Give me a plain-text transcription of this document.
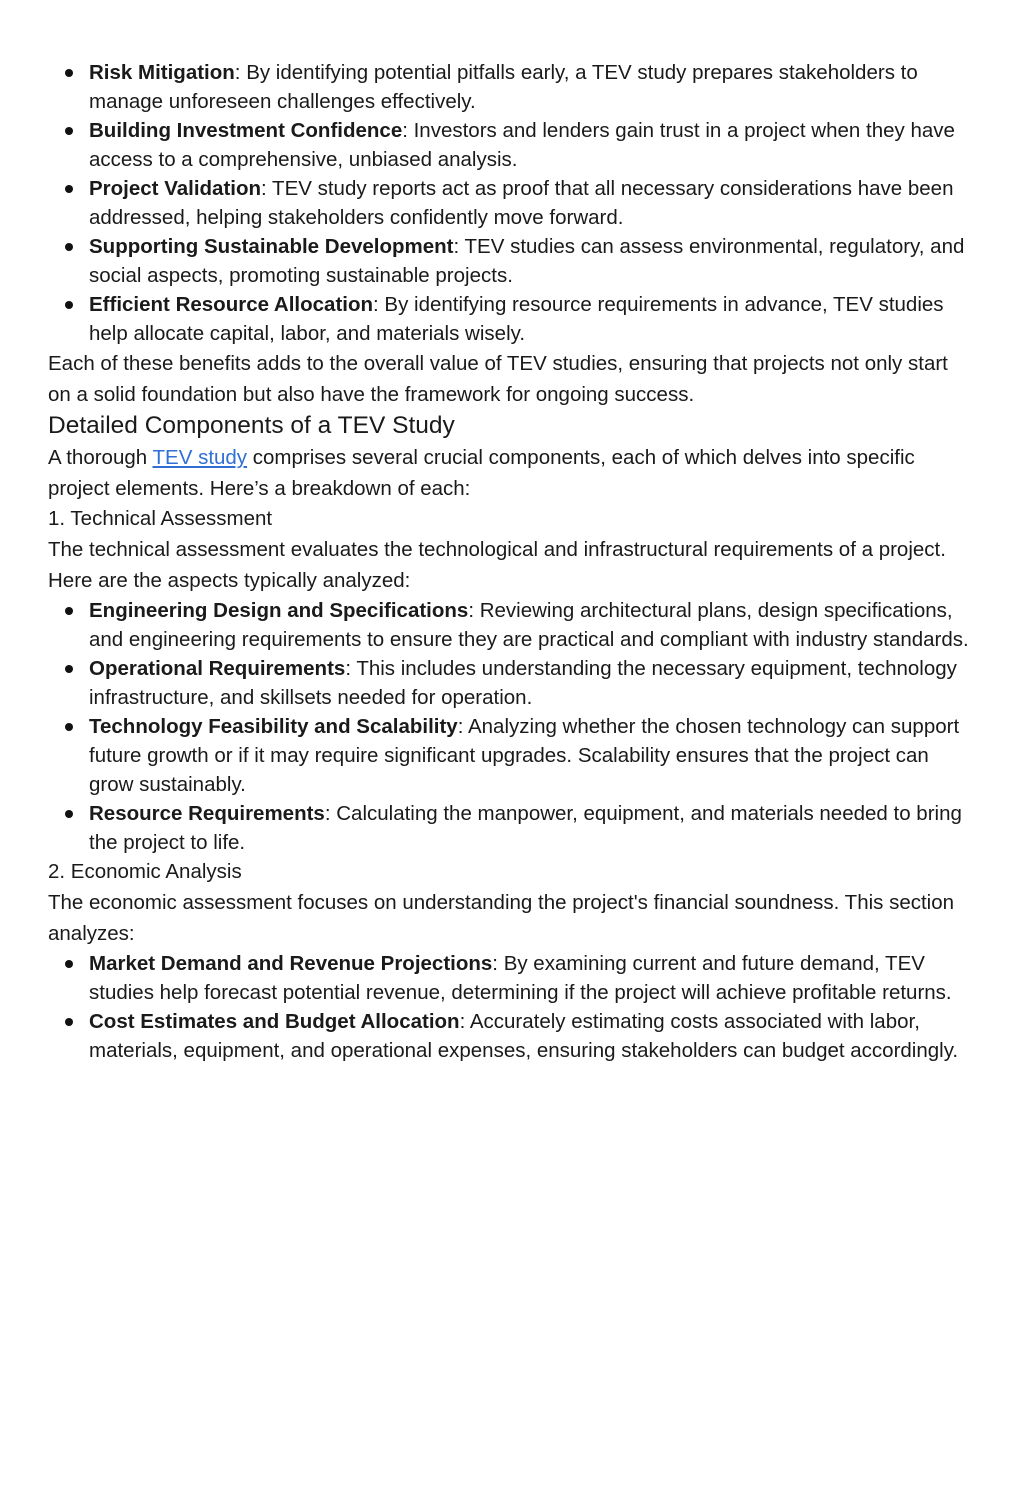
Risk Mitigation: By identifying potential pitfalls early, a TEV study prepares stakeholders to manage unforeseen challenges effectively.
Building Investment Confidence: Investors and lenders gain trust in a project when they have access to a comprehensive, unbiased analysis.
Project Validation: TEV study reports act as proof that all necessary considerations have been addressed, helping stakeholders confidently move forward.
Supporting Sustainable Development: TEV studies can assess environmental, regulatory, and social aspects, promoting sustainable projects.
Efficient Resource Allocation: By identifying resource requirements in advance, TEV studies help allocate capital, labor, and materials wisely.

Each of these benefits adds to the overall value of TEV studies, ensuring that projects not only start on a solid foundation but also have the framework for ongoing success.

Detailed Components of a TEV Study

A thorough TEV study comprises several crucial components, each of which delves into specific project elements. Here’s a breakdown of each:

1. Technical Assessment

The technical assessment evaluates the technological and infrastructural requirements of a project. Here are the aspects typically analyzed:

Engineering Design and Specifications: Reviewing architectural plans, design specifications, and engineering requirements to ensure they are practical and compliant with industry standards.
Operational Requirements: This includes understanding the necessary equipment, technology infrastructure, and skillsets needed for operation.
Technology Feasibility and Scalability: Analyzing whether the chosen technology can support future growth or if it may require significant upgrades. Scalability ensures that the project can grow sustainably.
Resource Requirements: Calculating the manpower, equipment, and materials needed to bring the project to life.
2. Economic Analysis

The economic assessment focuses on understanding the project's financial soundness. This section analyzes:

Market Demand and Revenue Projections: By examining current and future demand, TEV studies help forecast potential revenue, determining if the project will achieve profitable returns.
Cost Estimates and Budget Allocation: Accurately estimating costs associated with labor, materials, equipment, and operational expenses, ensuring stakeholders can budget accordingly.
